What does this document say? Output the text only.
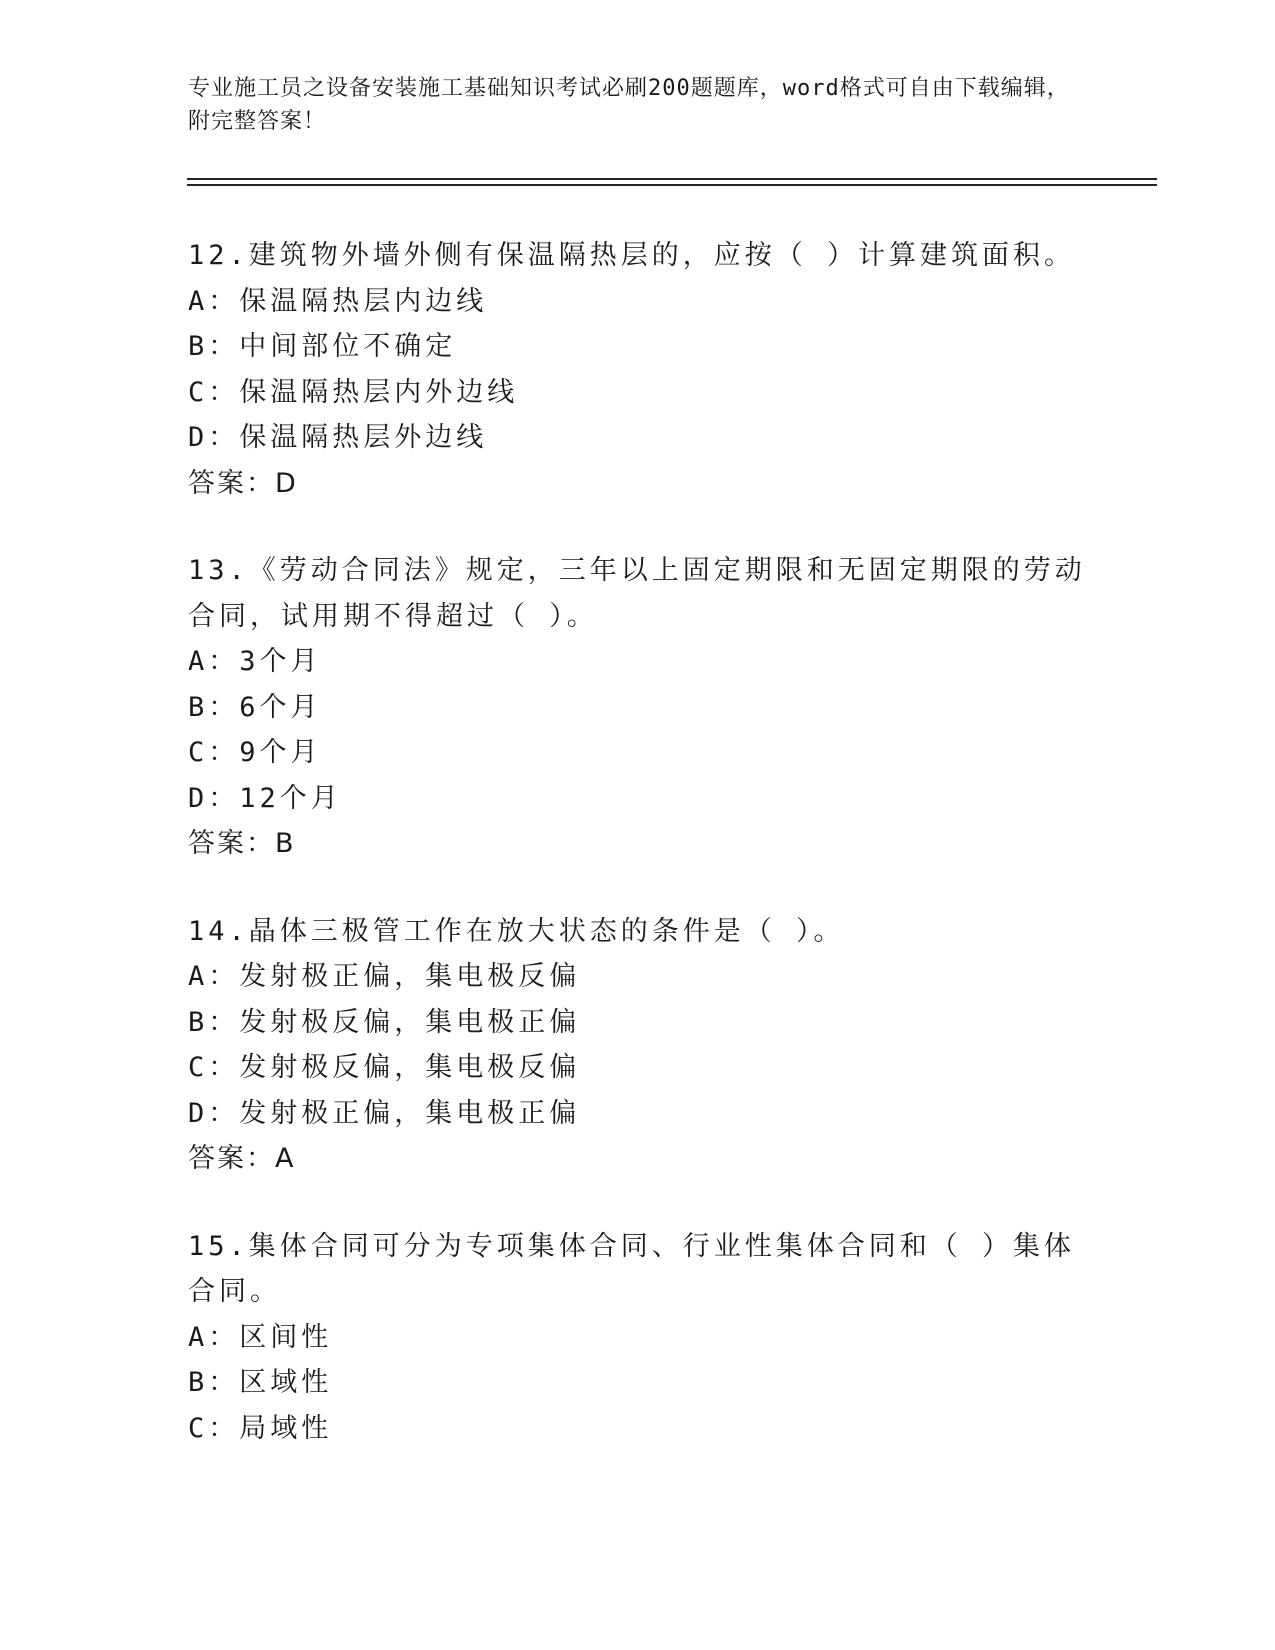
专业施工员之设备安装施工基础知识考试必刷200题题库，word格式可自由下载编辑，附完整答案！
12.建筑物外墙外侧有保温隔热层的，应按（ ）计算建筑面积。
A：保温隔热层内边线
B：中间部位不确定
C：保温隔热层内外边线
D：保温隔热层外边线
答案：D
13.《劳动合同法》规定，三年以上固定期限和无固定期限的劳动合同，试用期不得超过（ ）。
A：3个月
B：6个月
C：9个月
D：12个月
答案：B
14.晶体三极管工作在放大状态的条件是（ ）。
A：发射极正偏，集电极反偏
B：发射极反偏，集电极正偏
C：发射极反偏，集电极反偏
D：发射极正偏，集电极正偏
答案：A
15.集体合同可分为专项集体合同、行业性集体合同和（ ）集体合同。
A：区间性
B：区域性
C：局域性
